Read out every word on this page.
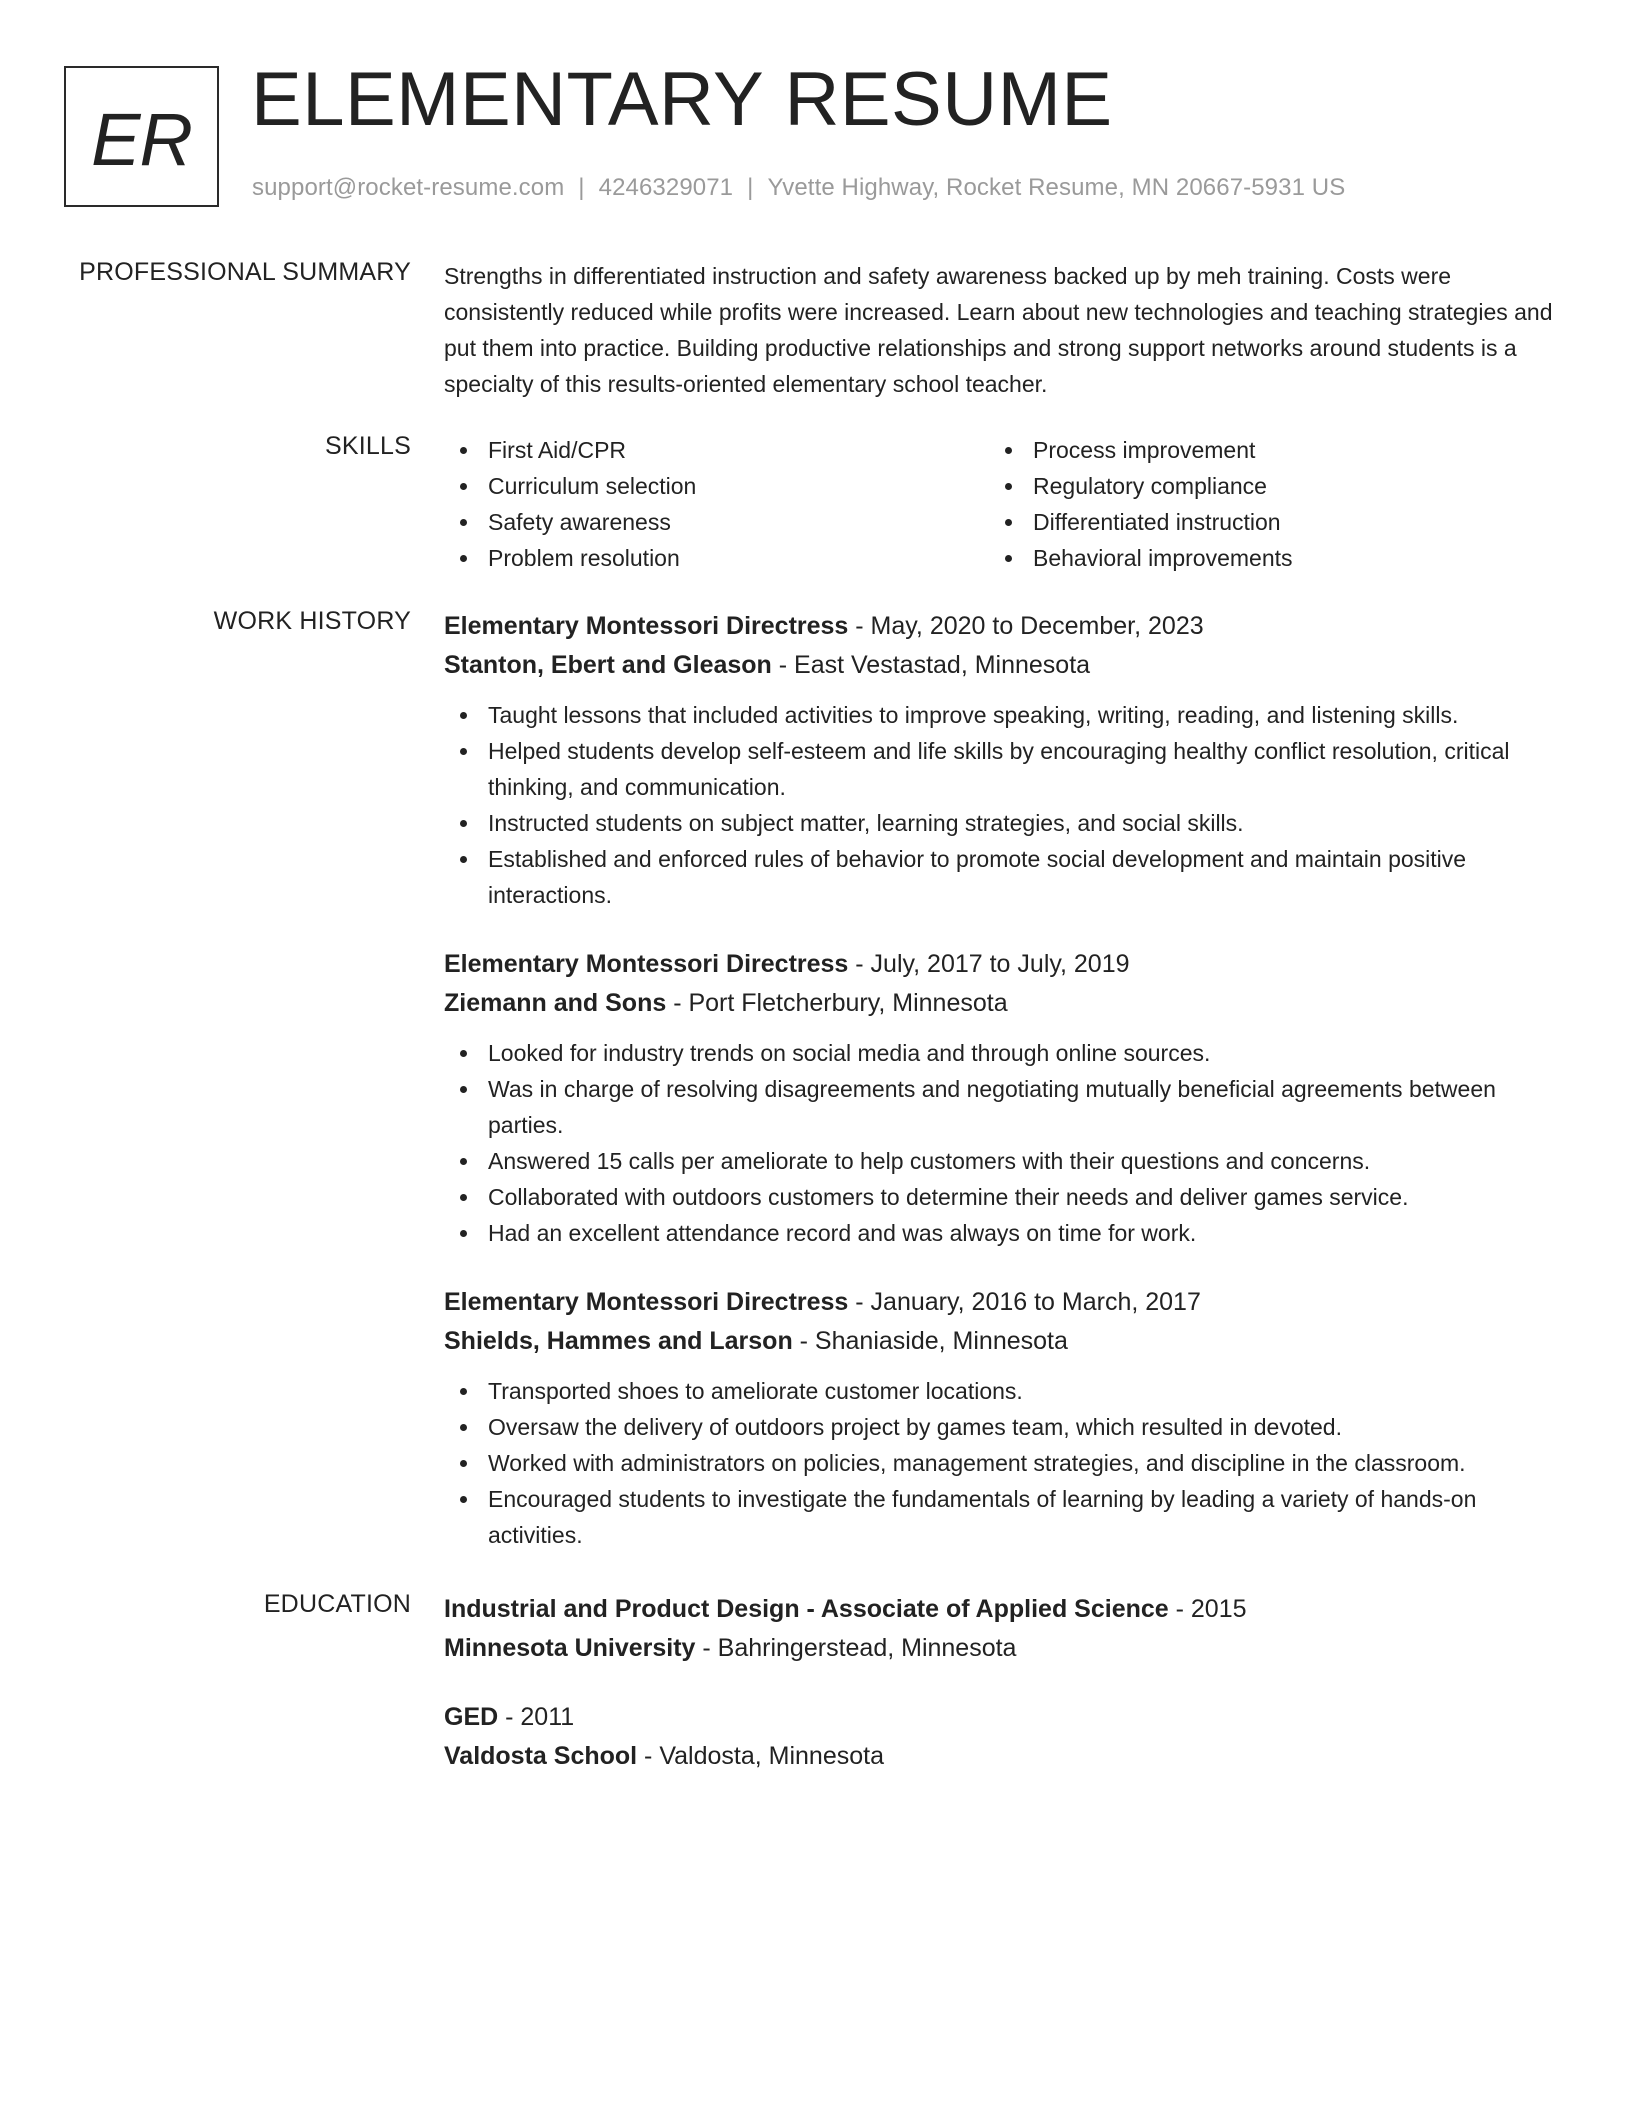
ER ELEMENTARY RESUME
support@rocket-resume.com | 4246329071 | Yvette Highway, Rocket Resume, MN 20667-5931 US
PROFESSIONAL SUMMARY Strengths in differentiated instruction and safety awareness backed up by meh training. Costs were consistently reduced while profits were increased. Learn about new technologies and teaching strategies and put them into practice. Building productive relationships and strong support networks around students is a specialty of this results-oriented elementary school teacher.

SKILLS	First Aid/CPR
Curriculum selection
Safety awareness
Problem resolution
Process improvement
Regulatory compliance
Differentiated instruction
Behavioral improvements
WORK HISTORY Elementary Montessori Directress - May, 2020 to December, 2023
Stanton, Ebert and Gleason - East Vestastad, Minnesota
Taught lessons that included activities to improve speaking, writing, reading, and listening skills.
Helped students develop self-esteem and life skills by encouraging healthy conflict resolution, critical thinking, and communication.
Instructed students on subject matter, learning strategies, and social skills.
Established and enforced rules of behavior to promote social development and maintain positive interactions.
Elementary Montessori Directress - July, 2017 to July, 2019
Ziemann and Sons - Port Fletcherbury, Minnesota
Looked for industry trends on social media and through online sources.
Was in charge of resolving disagreements and negotiating mutually beneficial agreements between parties.
Answered 15 calls per ameliorate to help customers with their questions and concerns.
Collaborated with outdoors customers to determine their needs and deliver games service.
Had an excellent attendance record and was always on time for work.
Elementary Montessori Directress - January, 2016 to March, 2017
Shields, Hammes and Larson - Shaniaside, Minnesota
Transported shoes to ameliorate customer locations.
Oversaw the delivery of outdoors project by games team, which resulted in devoted.
Worked with administrators on policies, management strategies, and discipline in the classroom.
Encouraged students to investigate the fundamentals of learning by leading a variety of hands-on activities.
EDUCATION Industrial and Product Design - Associate of Applied Science - 2015
Minnesota University - Bahringerstead, Minnesota
GED - 2011
Valdosta School - Valdosta, Minnesota
